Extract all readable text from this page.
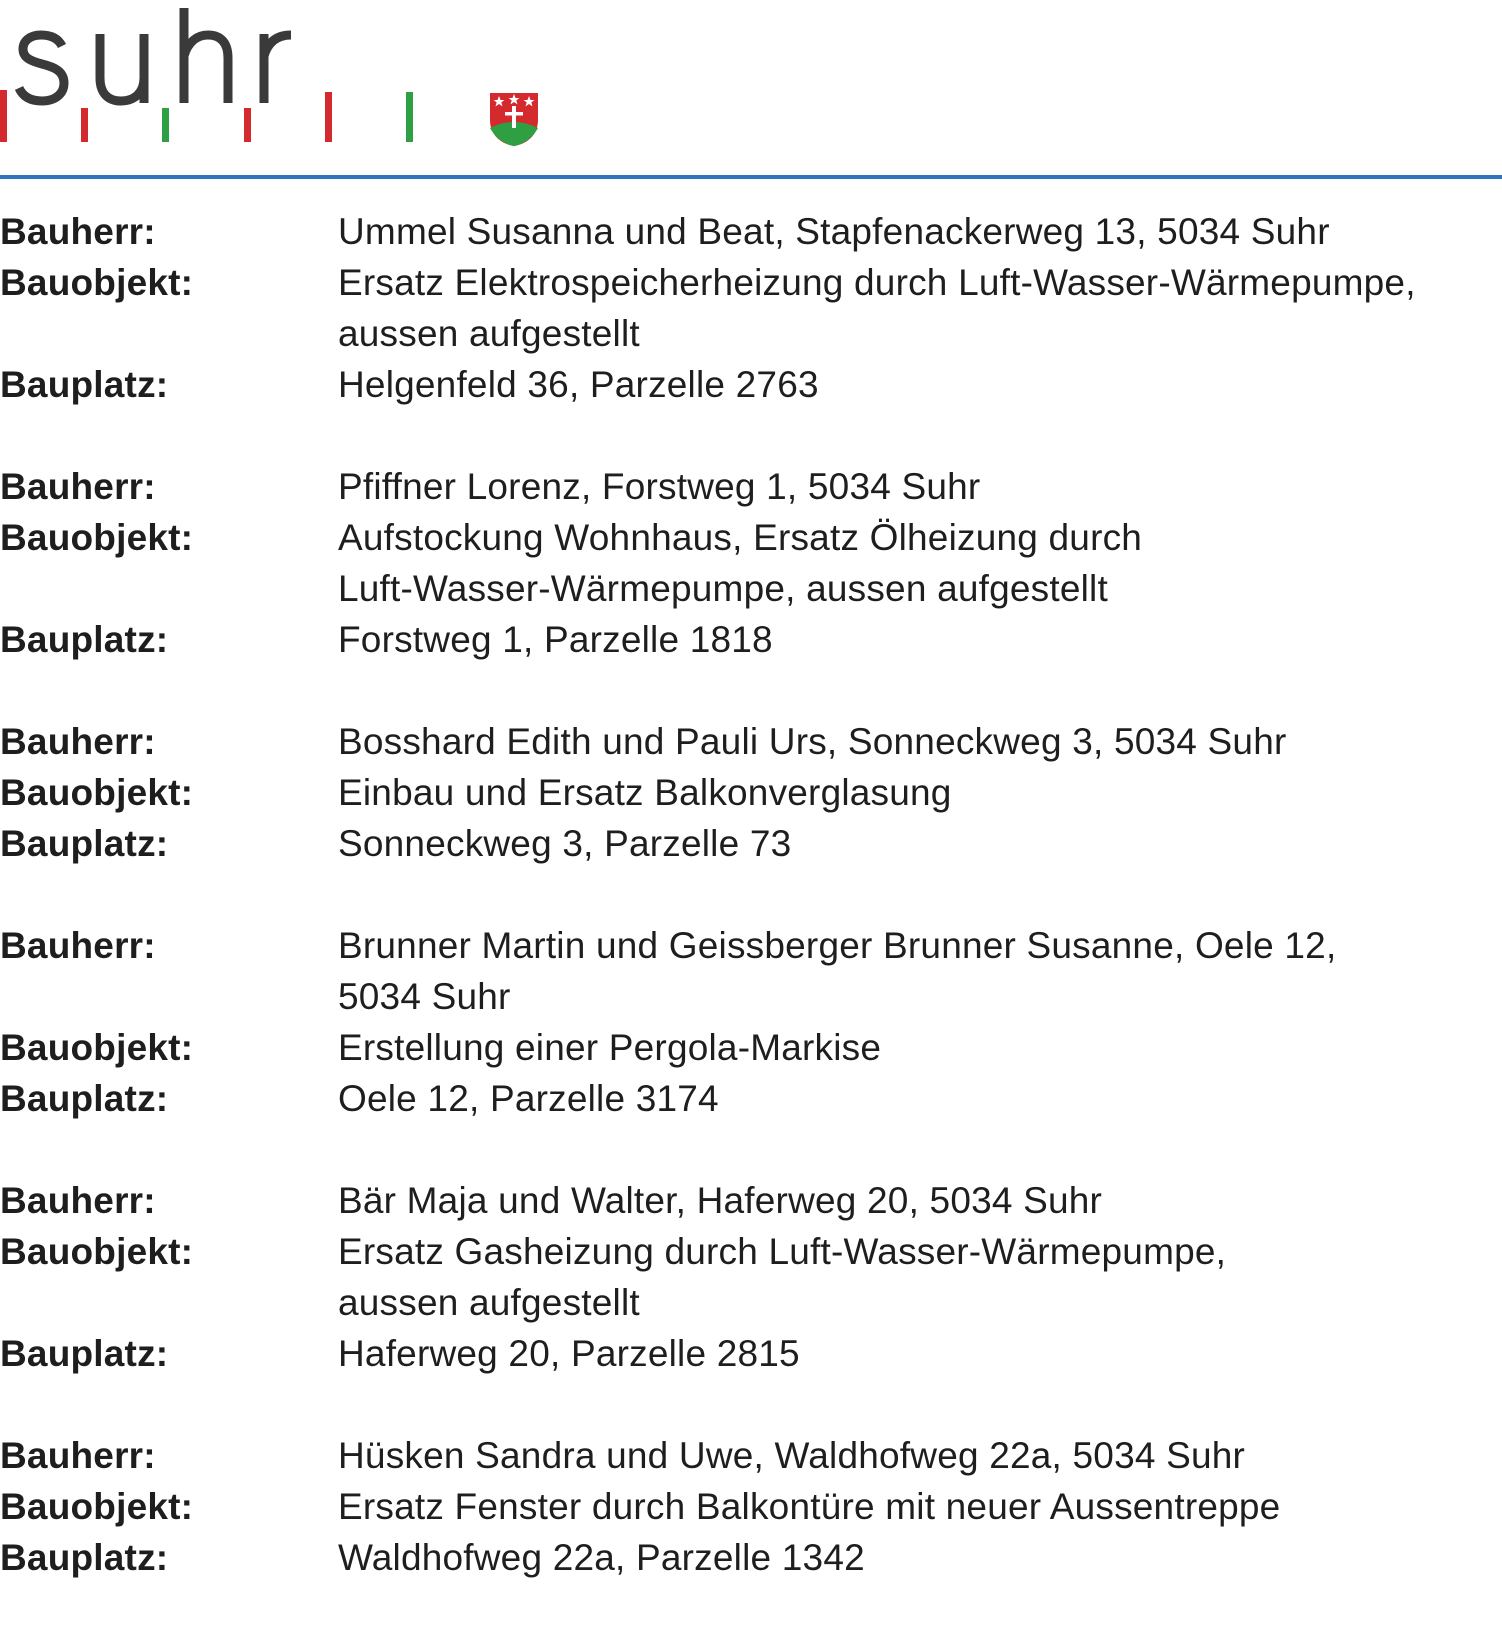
Bauherr:	Ummel Susanna und Beat, Stapfenackerweg 13, 5034 Suhr
Bauobjekt:	Ersatz Elektrospeicherheizung durch Luft-Wasser-Wärmepumpe,
aussen aufgestellt
Bauplatz:	Helgenfeld 36, Parzelle 2763
Bauherr:	Pfiffner Lorenz, Forstweg 1, 5034 Suhr
Bauobjekt:	Aufstockung Wohnhaus, Ersatz Ölheizung durch
Luft-Wasser-Wärmepumpe, aussen aufgestellt
Bauplatz:	Forstweg 1, Parzelle 1818
Bauherr:	Bosshard Edith und Pauli Urs, Sonneckweg 3, 5034 Suhr
Bauobjekt:	Einbau und Ersatz Balkonverglasung
Bauplatz:	Sonneckweg 3, Parzelle 73
Bauherr:	Brunner Martin und Geissberger Brunner Susanne, Oele 12,
5034 Suhr
Bauobjekt:	Erstellung einer Pergola-Markise
Bauplatz:	Oele 12, Parzelle 3174
Bauherr:	Bär Maja und Walter, Haferweg 20, 5034 Suhr
Bauobjekt:	Ersatz Gasheizung durch Luft-Wasser-Wärmepumpe,
aussen aufgestellt
Bauplatz:	Haferweg 20, Parzelle 2815
Bauherr:	Hüsken Sandra und Uwe, Waldhofweg 22a, 5034 Suhr
Bauobjekt:	Ersatz Fenster durch Balkontüre mit neuer Aussentreppe
Bauplatz:	Waldhofweg 22a, Parzelle 1342
